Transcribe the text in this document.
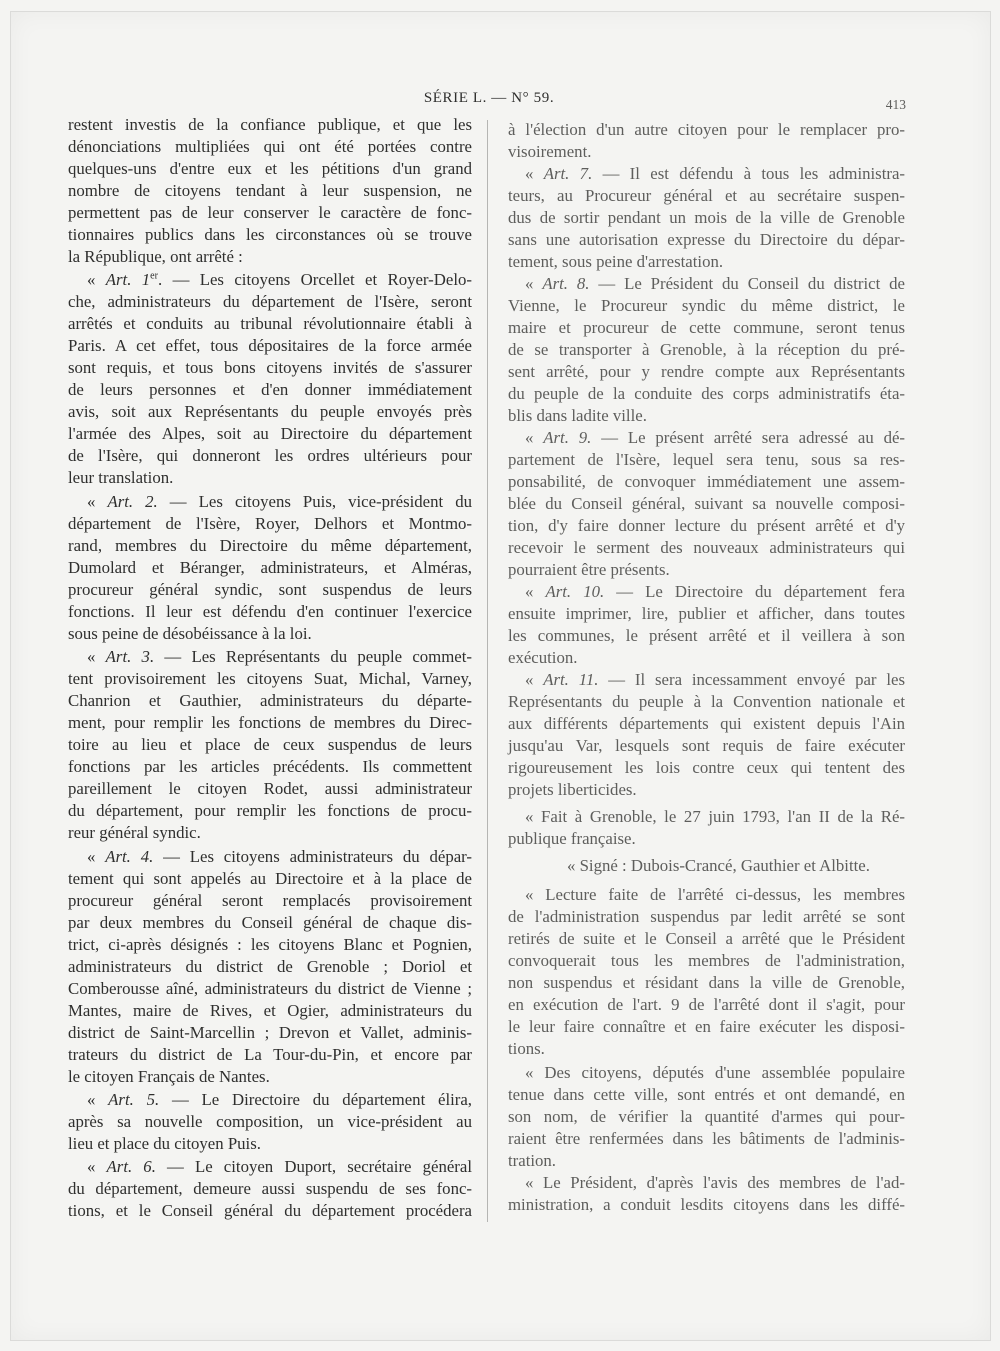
SÉRIE L. — N° 59.	413
restent investis de la confiance publique, et que les
dénonciations multipliées qui ont été portées contre
quelques-uns d'entre eux et les pétitions d'un grand
nombre de citoyens tendant à leur suspension, ne
permettent pas de leur conserver le caractère de fonc-
tionnaires publics dans les circonstances où se trouve
la République, ont arrêté :
« Art. 1er. — Les citoyens Orcellet et Royer-Delo-
che, administrateurs du département de l'Isère, seront
arrêtés et conduits au tribunal révolutionnaire établi à
Paris. A cet effet, tous dépositaires de la force armée
sont requis, et tous bons citoyens invités de s'assurer
de leurs personnes et d'en donner immédiatement
avis, soit aux Représentants du peuple envoyés près
l'armée des Alpes, soit au Directoire du département
de l'Isère, qui donneront les ordres ultérieurs pour
leur translation.
« Art. 2. — Les citoyens Puis, vice-président du
département de l'Isère, Royer, Delhors et Montmo-
rand, membres du Directoire du même département,
Dumolard et Béranger, administrateurs, et Alméras,
procureur général syndic, sont suspendus de leurs
fonctions. Il leur est défendu d'en continuer l'exercice
sous peine de désobéissance à la loi.
« Art. 3. — Les Représentants du peuple commet-
tent provisoirement les citoyens Suat, Michal, Varney,
Chanrion et Gauthier, administrateurs du départe-
ment, pour remplir les fonctions de membres du Direc-
toire au lieu et place de ceux suspendus de leurs
fonctions par les articles précédents. Ils commettent
pareillement le citoyen Rodet, aussi administrateur
du département, pour remplir les fonctions de procu-
reur général syndic.
« Art. 4. — Les citoyens administrateurs du dépar-
tement qui sont appelés au Directoire et à la place de
procureur général seront remplacés provisoirement
par deux membres du Conseil général de chaque dis-
trict, ci-après désignés : les citoyens Blanc et Pognien,
administrateurs du district de Grenoble ; Doriol et
Comberousse aîné, administrateurs du district de Vienne ;
Mantes, maire de Rives, et Ogier, administrateurs du
district de Saint-Marcellin ; Drevon et Vallet, adminis-
trateurs du district de La Tour-du-Pin, et encore par
le citoyen Français de Nantes.
« Art. 5. — Le Directoire du département élira,
après sa nouvelle composition, un vice-président au
lieu et place du citoyen Puis.
« Art. 6. — Le citoyen Duport, secrétaire général
du département, demeure aussi suspendu de ses fonc-
tions, et le Conseil général du département procédera
à l'élection d'un autre citoyen pour le remplacer pro-
visoirement.
« Art. 7. — Il est défendu à tous les administra-
teurs, au Procureur général et au secrétaire suspen-
dus de sortir pendant un mois de la ville de Grenoble
sans une autorisation expresse du Directoire du dépar-
tement, sous peine d'arrestation.
« Art. 8. — Le Président du Conseil du district de
Vienne, le Procureur syndic du même district, le
maire et procureur de cette commune, seront tenus
de se transporter à Grenoble, à la réception du pré-
sent arrêté, pour y rendre compte aux Représentants
du peuple de la conduite des corps administratifs éta-
blis dans ladite ville.
« Art. 9. — Le présent arrêté sera adressé au dé-
partement de l'Isère, lequel sera tenu, sous sa res-
ponsabilité, de convoquer immédiatement une assem-
blée du Conseil général, suivant sa nouvelle composi-
tion, d'y faire donner lecture du présent arrêté et d'y
recevoir le serment des nouveaux administrateurs qui
pourraient être présents.
« Art. 10. — Le Directoire du département fera
ensuite imprimer, lire, publier et afficher, dans toutes
les communes, le présent arrêté et il veillera à son
exécution.
« Art. 11. — Il sera incessamment envoyé par les
Représentants du peuple à la Convention nationale et
aux différents départements qui existent depuis l'Ain
jusqu'au Var, lesquels sont requis de faire exécuter
rigoureusement les lois contre ceux qui tentent des
projets liberticides.
« Fait à Grenoble, le 27 juin 1793, l'an II de la Ré-
publique française.
« Signé : Dubois-Crancé, Gauthier et Albitte.
« Lecture faite de l'arrêté ci-dessus, les membres
de l'administration suspendus par ledit arrêté se sont
retirés de suite et le Conseil a arrêté que le Président
convoquerait tous les membres de l'administration,
non suspendus et résidant dans la ville de Grenoble,
en exécution de l'art. 9 de l'arrêté dont il s'agit, pour
le leur faire connaître et en faire exécuter les disposi-
tions.
« Des citoyens, députés d'une assemblée populaire
tenue dans cette ville, sont entrés et ont demandé, en
son nom, de vérifier la quantité d'armes qui pour-
raient être renfermées dans les bâtiments de l'adminis-
tration.
« Le Président, d'après l'avis des membres de l'ad-
ministration, a conduit lesdits citoyens dans les diffé-
